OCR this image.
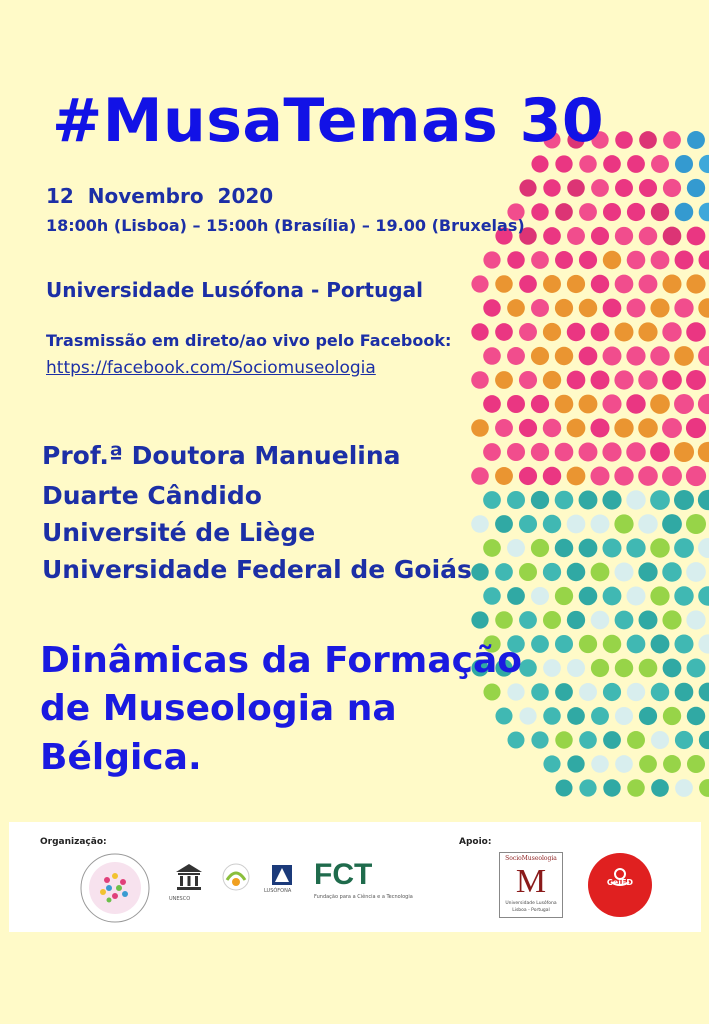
#MusaTemas 30
12  Novembro  2020
18:00h (Lisboa) – 15:00h (Brasília) – 19.00 (Bruxelas)
Universidade Lusófona - Portugal
Trasmissão em direto/ao vivo pelo Facebook:
https://facebook.com/Sociomuseologia
Prof.ª Doutora Manuelina
Duarte Cândido
Université de Liège
Universidade Federal de Goiás
Dinâmicas da Formação
de Museologia na
Bélgica.
Organização:	Apoio:
UNESCO
LUSÓFONA FCT
Fundação para a Ciência e a Tecnologia
SocioMuseologia
M
Universidade Lusófona
Lisboa - Portugal
CeiED
